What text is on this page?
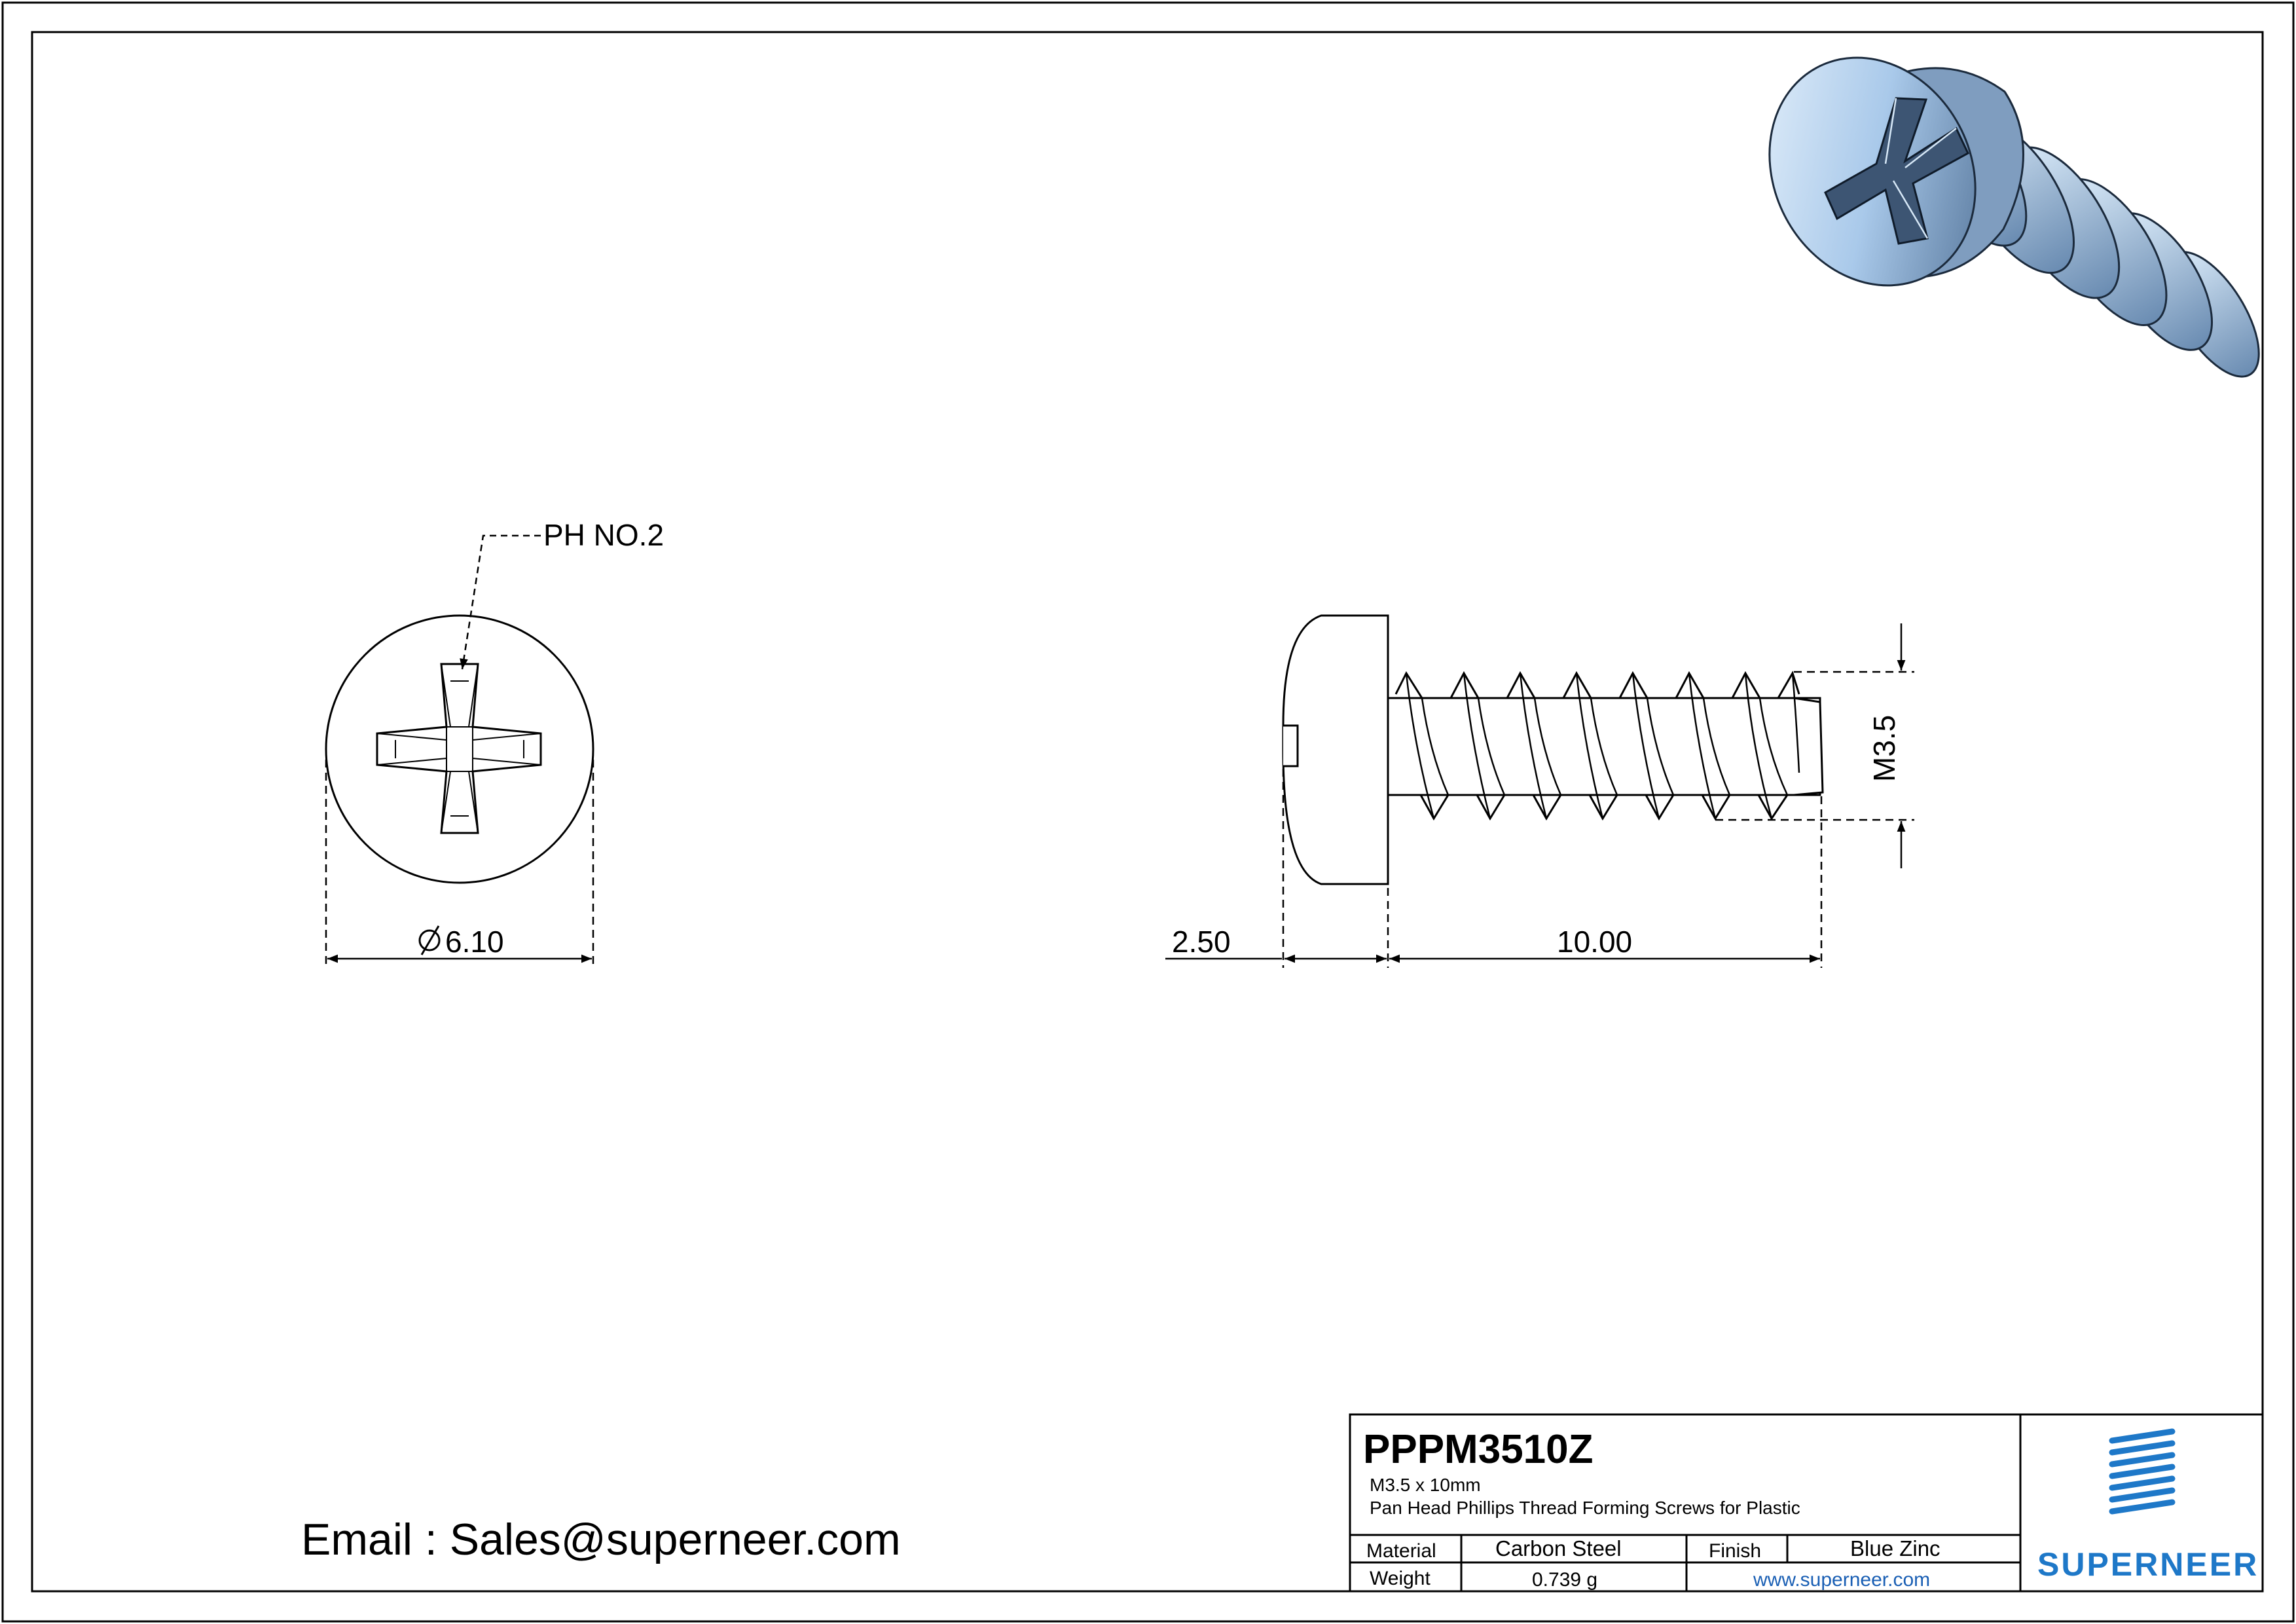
PH NO.2
6.10
M3.5
2.50	10.00
Email : Sales@superneer.com
PPPM3510Z
M3.5 x 10mm
Pan Head Phillips Thread Forming Screws for Plastic
Material	Carbon Steel	Finish	Blue Zinc
Weight	0.739 g	www.superneer.com	SUPERNEER
